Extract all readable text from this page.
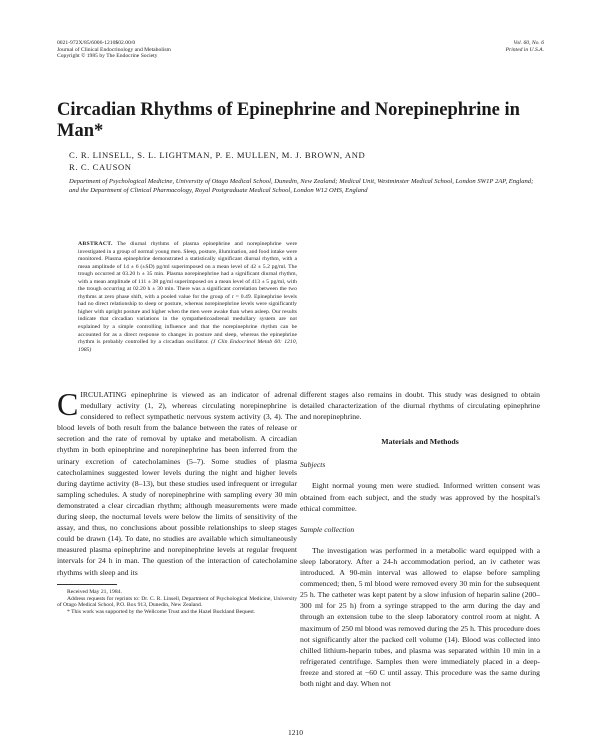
0021-972X/85/6006-1210$02.00/0
Journal of Clinical Endocrinology and Metabolism
Copyright © 1985 by The Endocrine Society
Vol. 60, No. 6
Printed in U.S.A.
Circadian Rhythms of Epinephrine and Norepinephrine in Man*
C. R. LINSELL, S. L. LIGHTMAN, P. E. MULLEN, M. J. BROWN, AND
R. C. CAUSON
Department of Psychological Medicine, University of Otago Medical School, Dunedin, New Zealand; Medical Unit, Westminster Medical School, London SW1P 2AP, England; and the Department of Clinical Pharmacology, Royal Postgraduate Medical School, London W12 OHS, England
ABSTRACT. The diurnal rhythms of plasma epinephrine and norepinephrine were investigated in a group of normal young men. Sleep, posture, illumination, and food intake were monitored. Plasma epinephrine demonstrated a statistically significant diurnal rhythm, with a mean amplitude of 14 ± 6 (±SD) pg/ml superimposed on a mean level of 42 ± 5.2 pg/ml. The trough occurred at 03.20 h ± 35 min. Plasma norepinephrine had a significant diurnal rhythm, with a mean amplitude of 111 ± 38 pg/ml superimposed on a mean level of 413 ± 5 pg/ml, with the trough occurring at 02.20 h ± 30 min. There was a significant correlation between the two rhythms at zero phase shift, with a pooled value for the group of r = 0.49. Epinephrine levels had no direct relationship to sleep or posture, whereas norepinephrine levels were significantly higher with upright posture and higher when the men were awake than when asleep. Our results indicate that circadian variations in the sympatheticoadrenal medullary system are not explained by a simple controlling influence and that the norepinephrine rhythm can be accounted for as a direct response to changes in posture and sleep, whereas the epinephrine rhythm is probably controlled by a circadian oscillator. (J Clin Endocrinol Metab 60: 1210, 1985)

CIRCULATING epinephrine is viewed as an indicator of adrenal medullary activity (1, 2), whereas circulating norepinephrine is considered to reflect sympathetic nervous system activity (3, 4). The blood levels of both result from the balance between the rates of release or secretion and the rate of removal by uptake and metabolism. A circadian rhythm in both epinephrine and norepinephrine has been inferred from the urinary excretion of catecholamines (5–7). Some studies of plasma catecholamines suggested lower levels during the night and higher levels during daytime activity (8–13), but these studies used infrequent or irregular sampling schedules. A study of norepinephrine with sampling every 30 min demonstrated a clear circadian rhythm; although measurements were made during sleep, the nocturnal levels were below the limits of sensitivity of the assay, and thus, no conclusions about possible relationships to sleep stages could be drawn (14). To date, no studies are available which simultaneously measured plasma epinephrine and norepinephrine levels at regular frequent intervals for 24 h in man. The question of the interaction of catecholamine rhythms with sleep and its

Received May 21, 1984.

Address requests for reprints to: Dr. C. R. Linsell, Department of Psychological Medicine, University of Otago Medical School, P.O. Box 913, Dunedin, New Zealand.

* This work was supported by the Wellcome Trust and the Hazel Buckland Bequest.

different stages also remains in doubt. This study was designed to obtain detailed characterization of the diurnal rhythms of circulating epinephrine and norepinephrine.

Materials and Methods
Subjects

Eight normal young men were studied. Informed written consent was obtained from each subject, and the study was approved by the hospital's ethical committee.

Sample collection

The investigation was performed in a metabolic ward equipped with a sleep laboratory. After a 24-h accommodation period, an iv catheter was introduced. A 90-min interval was allowed to elapse before sampling commenced; then, 5 ml blood were removed every 30 min for the subsequent 25 h. The catheter was kept patent by a slow infusion of heparin saline (200–300 ml for 25 h) from a syringe strapped to the arm during the day and through an extension tube to the sleep laboratory control room at night. A maximum of 250 ml blood was removed during the 25 h. This procedure does not significantly alter the packed cell volume (14). Blood was collected into chilled lithium-heparin tubes, and plasma was separated within 10 min in a refrigerated centrifuge. Samples then were immediately placed in a deep-freeze and stored at −60 C until assay. This procedure was the same during both night and day. When not

1210
